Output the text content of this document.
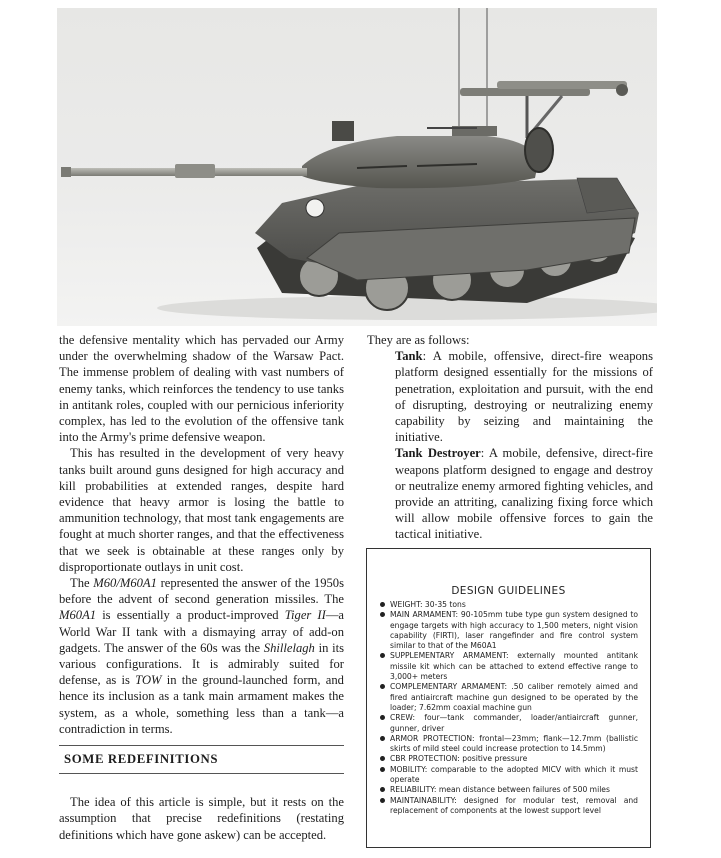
the defensive mentality which has pervaded our Army under the overwhelming shadow of the Warsaw Pact. The immense problem of dealing with vast numbers of enemy tanks, which reinforces the tendency to use tanks in antitank roles, coupled with our pernicious inferiority complex, has led to the evolution of the offensive tank into the Army's prime defensive weapon.

This has resulted in the development of very heavy tanks built around guns designed for high accuracy and kill probabilities at extended ranges, despite hard evidence that heavy armor is losing the battle to ammunition technology, that most tank engagements are fought at much shorter ranges, and that the effectiveness that we seek is obtainable at these ranges only by disproportionate outlays in unit cost.

The M60/M60A1 represented the answer of the 1950s before the advent of second generation missiles. The M60A1 is essentially a product-improved Tiger II—a World War II tank with a dismaying array of add-on gadgets. The answer of the 60s was the Shillelagh in its various configurations. It is admirably suited for defense, as is TOW in the ground-launched form, and hence its inclusion as a tank main armament makes the system, as a whole, something less than a tank—a contradiction in terms.

SOME REDEFINITIONS

The idea of this article is simple, but it rests on the assumption that precise redefinitions (restating definitions which have gone askew) can be accepted.

They are as follows:

Tank: A mobile, offensive, direct-fire weapons platform designed essentially for the missions of penetration, exploitation and pursuit, with the end of disrupting, destroying or neutralizing enemy capability by seizing and maintaining the initiative.

Tank Destroyer: A mobile, defensive, direct-fire weapons platform designed to engage and destroy or neutralize enemy armored fighting vehicles, and provide an attriting, canalizing fixing force which will allow mobile offensive forces to gain the tactical initiative.

DESIGN GUIDELINES
WEIGHT: 30-35 tons
MAIN ARMAMENT: 90-105mm tube type gun system designed to engage targets with high accuracy to 1,500 meters, night vision capability (FIRTI), laser rangefinder and fire control system similar to that of the M60A1
SUPPLEMENTARY ARMAMENT: externally mounted antitank missile kit which can be attached to extend effective range to 3,000+ meters
COMPLEMENTARY ARMAMENT: .50 caliber remotely aimed and fired antiaircraft machine gun designed to be operated by the loader; 7.62mm coaxial machine gun
CREW: four—tank commander, loader/antiaircraft gunner, gunner, driver
ARMOR PROTECTION: frontal—23mm; flank—12.7mm (ballistic skirts of mild steel could increase protection to 14.5mm)
CBR PROTECTION: positive pressure
MOBILITY: comparable to the adopted MICV with which it must operate
RELIABILITY: mean distance between failures of 500 miles
MAINTAINABILITY: designed for modular test, removal and replacement of components at the lowest support level
